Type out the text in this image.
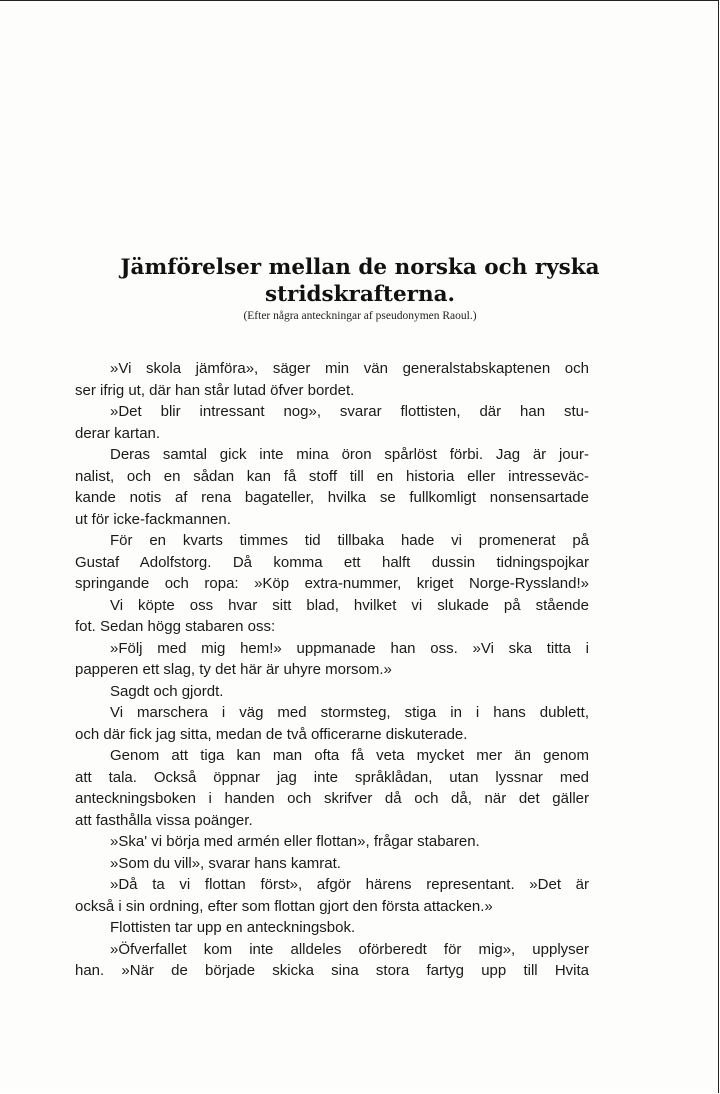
Jämförelser mellan de norska och ryska
stridskrafterna.

(Efter några anteckningar af pseudonymen Raoul.)

»Vi skola jämföra», säger min vän generalstabskaptenen och
ser ifrig ut, där han står lutad öfver bordet.
»Det blir intressant nog», svarar flottisten, där han stu-
derar kartan.
Deras samtal gick inte mina öron spårlöst förbi. Jag är jour-
nalist, och en sådan kan få stoff till en historia eller intresseväc-
kande notis af rena bagateller, hvilka se fullkomligt nonsensartade
ut för icke-fackmannen.
För en kvarts timmes tid tillbaka hade vi promenerat på
Gustaf Adolfstorg. Då komma ett halft dussin tidningspojkar
springande och ropa: »Köp extra-nummer, kriget Norge-Ryssland!»
Vi köpte oss hvar sitt blad, hvilket vi slukade på stående
fot. Sedan högg stabaren oss:
»Följ med mig hem!» uppmanade han oss. »Vi ska titta i
papperen ett slag, ty det här är uhyre morsom.»
Sagdt och gjordt.
Vi marschera i väg med stormsteg, stiga in i hans dublett,
och där fick jag sitta, medan de två officerarne diskuterade.
Genom att tiga kan man ofta få veta mycket mer än genom
att tala. Också öppnar jag inte språklådan, utan lyssnar med
anteckningsboken i handen och skrifver då och då, när det gäller
att fasthålla vissa poänger.
»Ska' vi börja med armén eller flottan», frågar stabaren.
»Som du vill», svarar hans kamrat.
»Då ta vi flottan först», afgör härens representant. »Det är
också i sin ordning, efter som flottan gjort den första attacken.»
Flottisten tar upp en anteckningsbok.
»Öfverfallet kom inte alldeles oförberedt för mig», upplyser
han. »När de började skicka sina stora fartyg upp till Hvita
